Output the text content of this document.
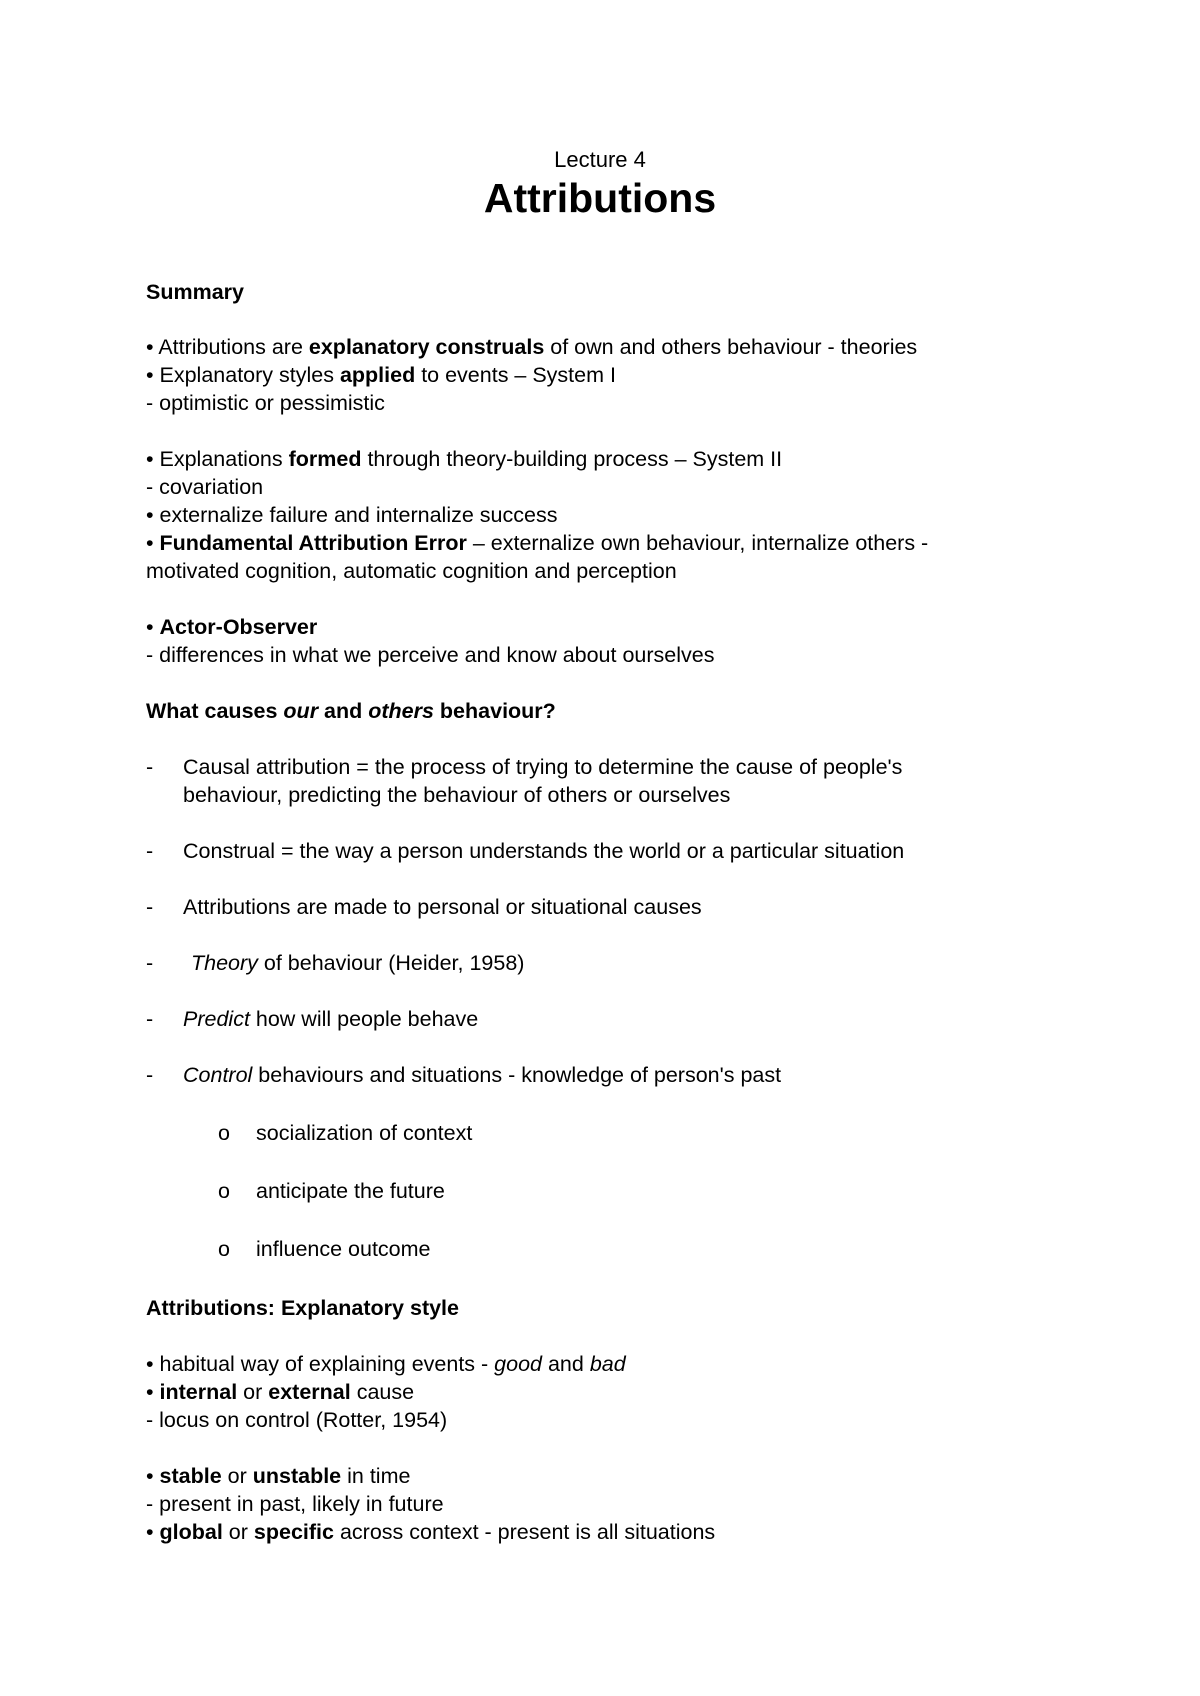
Lecture 4
Attributions
Summary
• Attributions are explanatory construals of own and others behaviour - theories
• Explanatory styles applied to events – System I
- optimistic or pessimistic
• Explanations formed through theory-building process – System II
- covariation
• externalize failure and internalize success
• Fundamental Attribution Error – externalize own behaviour, internalize others -
motivated cognition, automatic cognition and perception
• Actor-Observer
- differences in what we perceive and know about ourselves
What causes our and others behaviour?
- Causal attribution = the process of trying to determine the cause of people's
behaviour, predicting the behaviour of others or ourselves
- Construal = the way a person understands the world or a particular situation
- Attributions are made to personal or situational causes
- Theory of behaviour (Heider, 1958)
- Predict how will people behave
- Control behaviours and situations - knowledge of person's past
o socialization of context
o anticipate the future
o influence outcome
Attributions: Explanatory style
• habitual way of explaining events - good and bad
• internal or external cause
- locus on control (Rotter, 1954)
• stable or unstable in time
- present in past, likely in future
• global or specific across context - present is all situations
